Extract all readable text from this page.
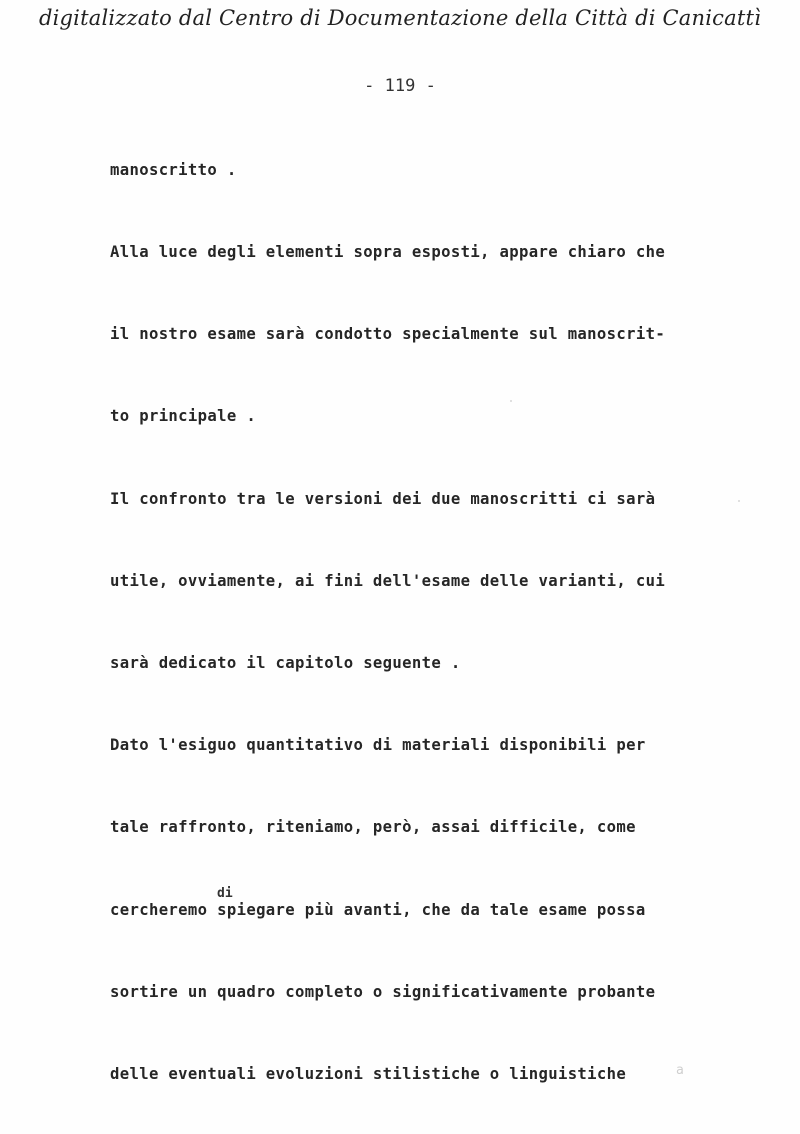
digitalizzato dal Centro di Documentazione della Città di Canicattì
- 119 -
manoscritto .
Alla luce degli elementi sopra esposti, appare chiaro che
il nostro esame sarà condotto specialmente sul manoscrit-
to principale .
Il confronto tra le versioni dei due manoscritti ci sarà
utile, ovviamente, ai fini dell'esame delle varianti, cui
sarà dedicato il capitolo seguente .
Dato l'esiguo quantitativo di materiali disponibili per
tale raffronto, riteniamo, però, assai difficile, come
di
cercheremo spiegare più avanti, che da tale esame possa
sortire un quadro completo o significativamente probante
delle eventuali evoluzioni stilistiche o linguistiche	a
